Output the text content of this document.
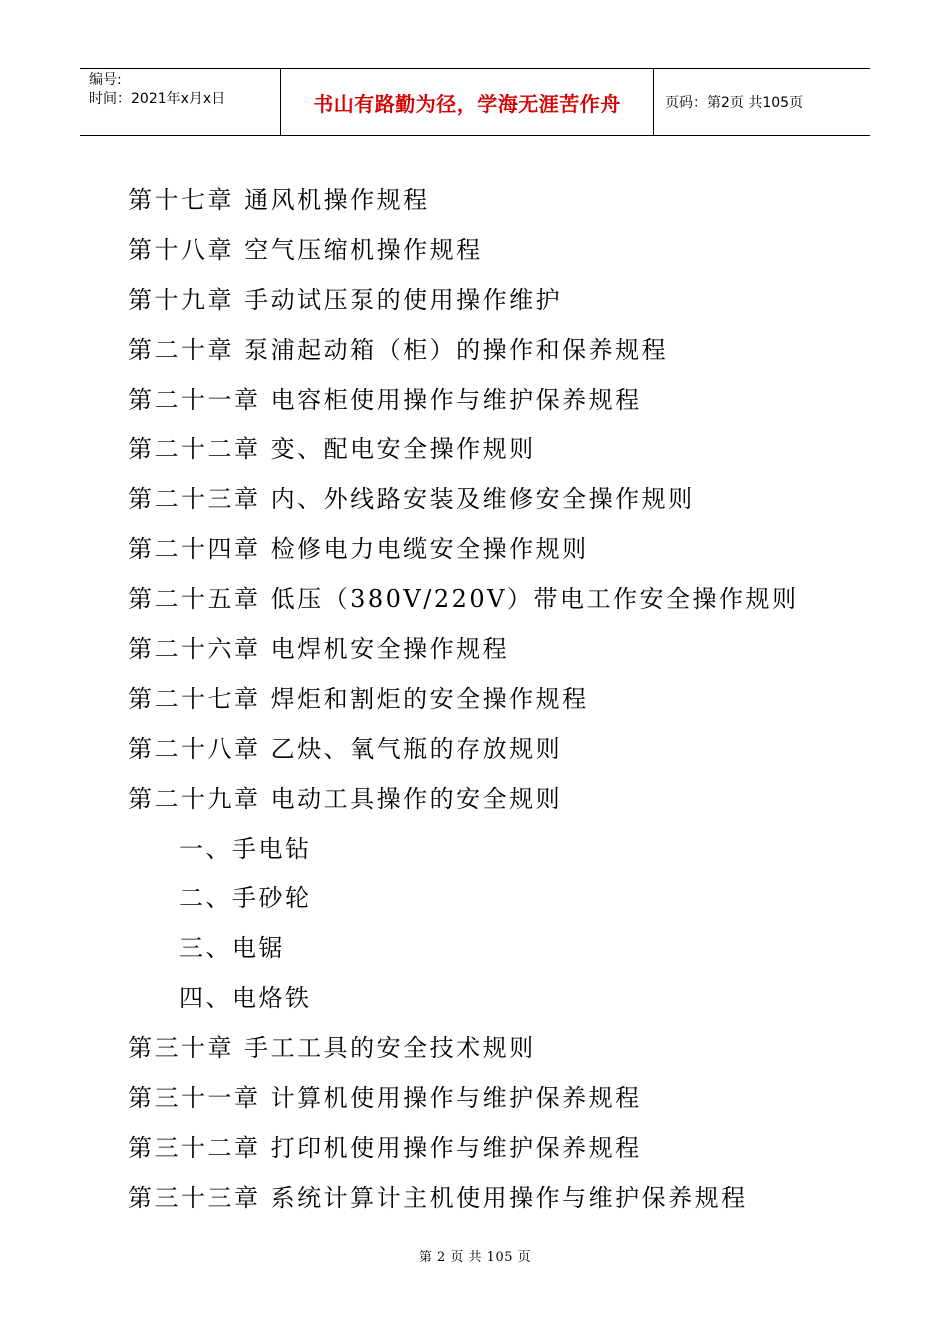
编号:
时间：2021年x月x日	书山有路勤为径，学海无涯苦作舟	页码：第2页 共105页
第十七章 通风机操作规程
第十八章 空气压缩机操作规程
第十九章 手动试压泵的使用操作维护
第二十章 泵浦起动箱（柜）的操作和保养规程
第二十一章 电容柜使用操作与维护保养规程
第二十二章 变、配电安全操作规则
第二十三章 内、外线路安装及维修安全操作规则
第二十四章 检修电力电缆安全操作规则
第二十五章 低压（380V/220V）带电工作安全操作规则
第二十六章 电焊机安全操作规程
第二十七章 焊炬和割炬的安全操作规程
第二十八章 乙炔、氧气瓶的存放规则
第二十九章 电动工具操作的安全规则
一、手电钻
二、手砂轮
三、电锯
四、电烙铁
第三十章 手工工具的安全技术规则
第三十一章 计算机使用操作与维护保养规程
第三十二章 打印机使用操作与维护保养规程
第三十三章 系统计算计主机使用操作与维护保养规程
第 2 页 共 105 页
